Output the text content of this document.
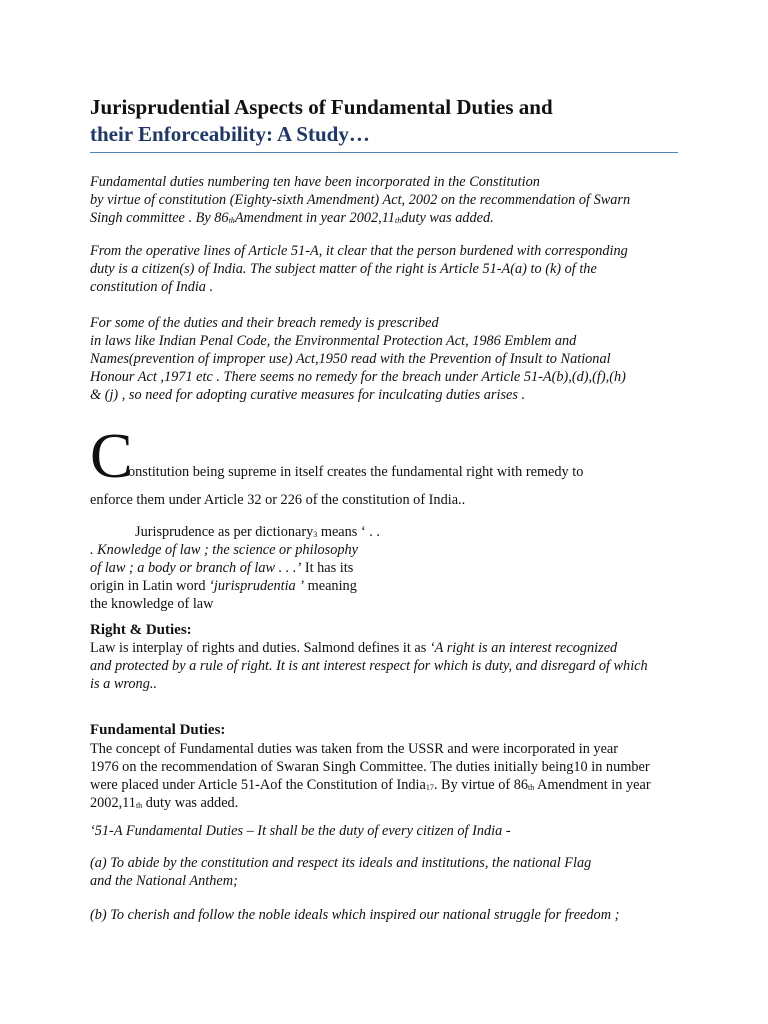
Jurisprudential Aspects of Fundamental Duties and
their Enforceability: A Study…
Fundamental duties numbering ten have been incorporated in the Constitution
by virtue of constitution (Eighty-sixth Amendment) Act, 2002 on the recommendation of Swarn
Singh committee . By $86_{th}Amendment$ in year $2002,11_{th}duty$ was added.
From the operative lines of Article 51-A, it clear that the person burdened with corresponding
duty is a citizen(s) of India. The subject matter of the right is Article 51-A(a) to (k) of the
constitution of India .
For some of the duties and their breach remedy is prescribed
in laws like Indian Penal Code, the Environmental Protection Act, 1986 Emblem and
Names(prevention of improper use) Act,1950 read with the Prevention of Insult to National
Honour Act ,1971 etc . There seems no remedy for the breach under Article 51-A(b),(d),(f),(h)
& (j) , so need for adopting curative measures for inculcating duties arises .
C
onstitution being supreme in itself creates the fundamental right with remedy to
enforce them under Article 32 or 226 of the constitution of India..
Jurisprudence as per dictionary$_3$ means ‘ . .
. Knowledge of law ; the science or philosophy
of law ; a body or branch of law . . .’ It has its
origin in Latin word ‘jurisprudentia ’ meaning
the knowledge of law
Right & Duties:
Law is interplay of rights and duties. Salmond defines it as ‘A right is an interest recognized
and protected by a rule of right. It is ant interest respect for which is duty, and disregard of which
is a wrong..
Fundamental Duties:
The concept of Fundamental duties was taken from the USSR and were incorporated in year
1976 on the recommendation of Swaran Singh Committee. The duties initially being10 in number
were placed under Article 51-Aof the Constitution of India$_{17}$. By virtue of $86_{th}$ Amendment in year
$2002,11_{th}$ duty was added.
‘51-A Fundamental Duties – It shall be the duty of every citizen of India -
(a) To abide by the constitution and respect its ideals and institutions, the national Flag
and the National Anthem;
(b) To cherish and follow the noble ideals which inspired our national struggle for freedom ;
